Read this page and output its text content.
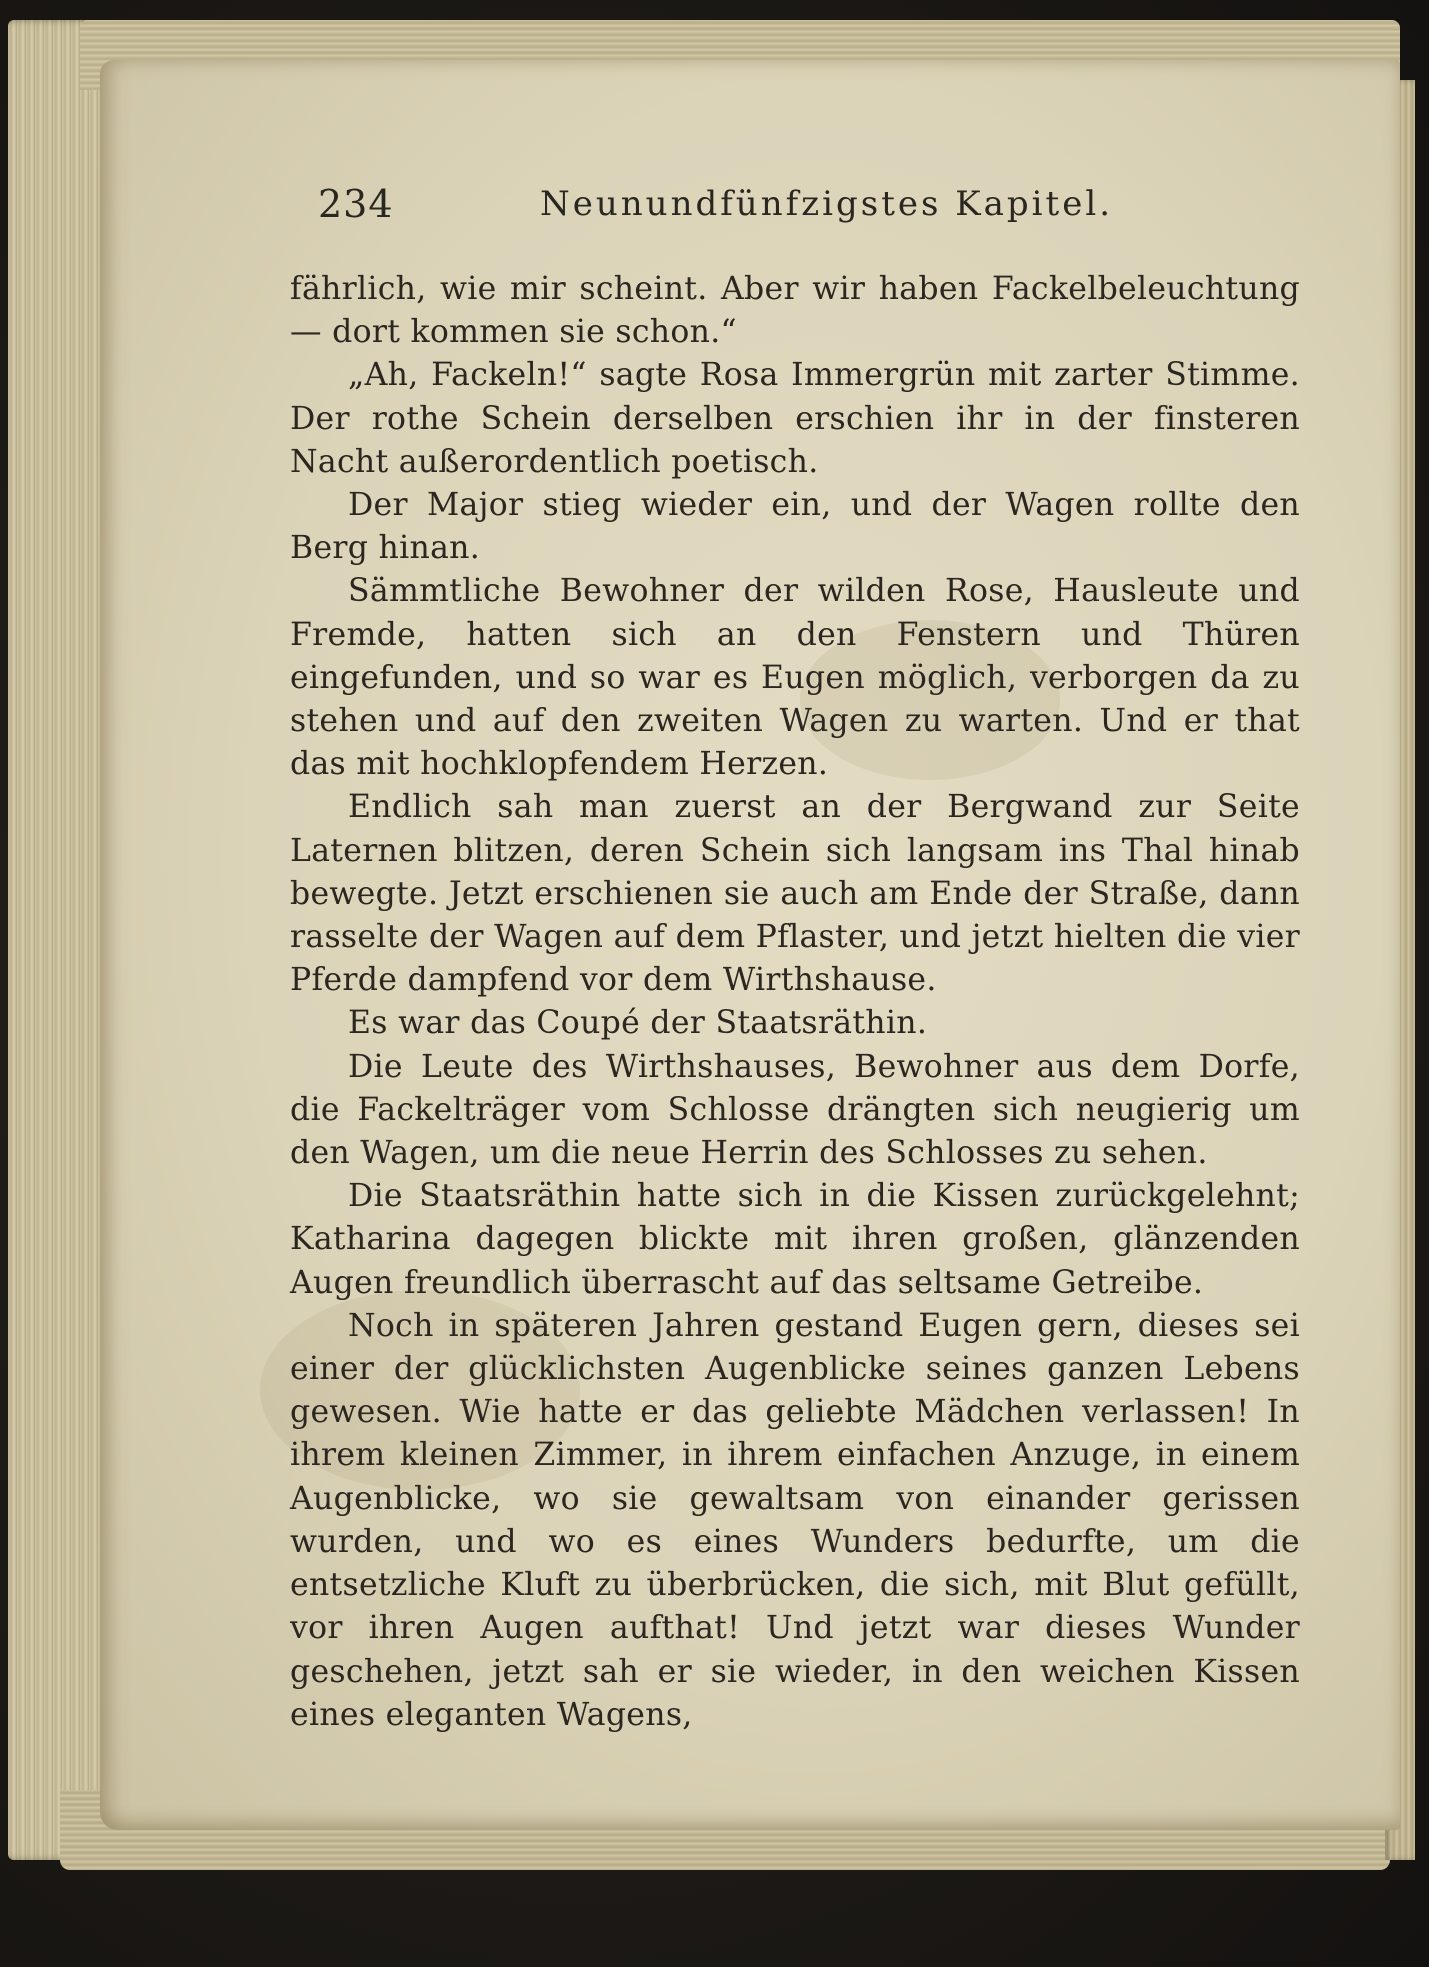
234	Neunundfünfzigstes Kapitel.

fährlich, wie mir scheint. Aber wir haben Fackelbeleuchtung — dort kommen sie schon.“

„Ah, Fackeln!“ sagte Rosa Immergrün mit zarter Stimme. Der rothe Schein derselben erschien ihr in der finsteren Nacht außerordentlich poetisch.

Der Major stieg wieder ein, und der Wagen rollte den Berg hinan.

Sämmtliche Bewohner der wilden Rose, Hausleute und Fremde, hatten sich an den Fenstern und Thüren eingefunden, und so war es Eugen möglich, verborgen da zu stehen und auf den zweiten Wagen zu warten. Und er that das mit hochklopfendem Herzen.

Endlich sah man zuerst an der Bergwand zur Seite Laternen blitzen, deren Schein sich langsam ins Thal hinab bewegte. Jetzt erschienen sie auch am Ende der Straße, dann rasselte der Wagen auf dem Pflaster, und jetzt hielten die vier Pferde dampfend vor dem Wirthshause.

Es war das Coupé der Staatsräthin.

Die Leute des Wirthshauses, Bewohner aus dem Dorfe, die Fackelträger vom Schlosse drängten sich neugierig um den Wagen, um die neue Herrin des Schlosses zu sehen.

Die Staatsräthin hatte sich in die Kissen zurückgelehnt; Katharina dagegen blickte mit ihren großen, glänzenden Augen freundlich überrascht auf das seltsame Getreibe.

Noch in späteren Jahren gestand Eugen gern, dieses sei einer der glücklichsten Augenblicke seines ganzen Lebens gewesen. Wie hatte er das geliebte Mädchen verlassen! In ihrem kleinen Zimmer, in ihrem einfachen Anzuge, in einem Augenblicke, wo sie gewaltsam von einander gerissen wurden, und wo es eines Wunders bedurfte, um die entsetzliche Kluft zu überbrücken, die sich, mit Blut gefüllt, vor ihren Augen aufthat! Und jetzt war dieses Wunder geschehen, jetzt sah er sie wieder, in den weichen Kissen eines eleganten Wagens,
